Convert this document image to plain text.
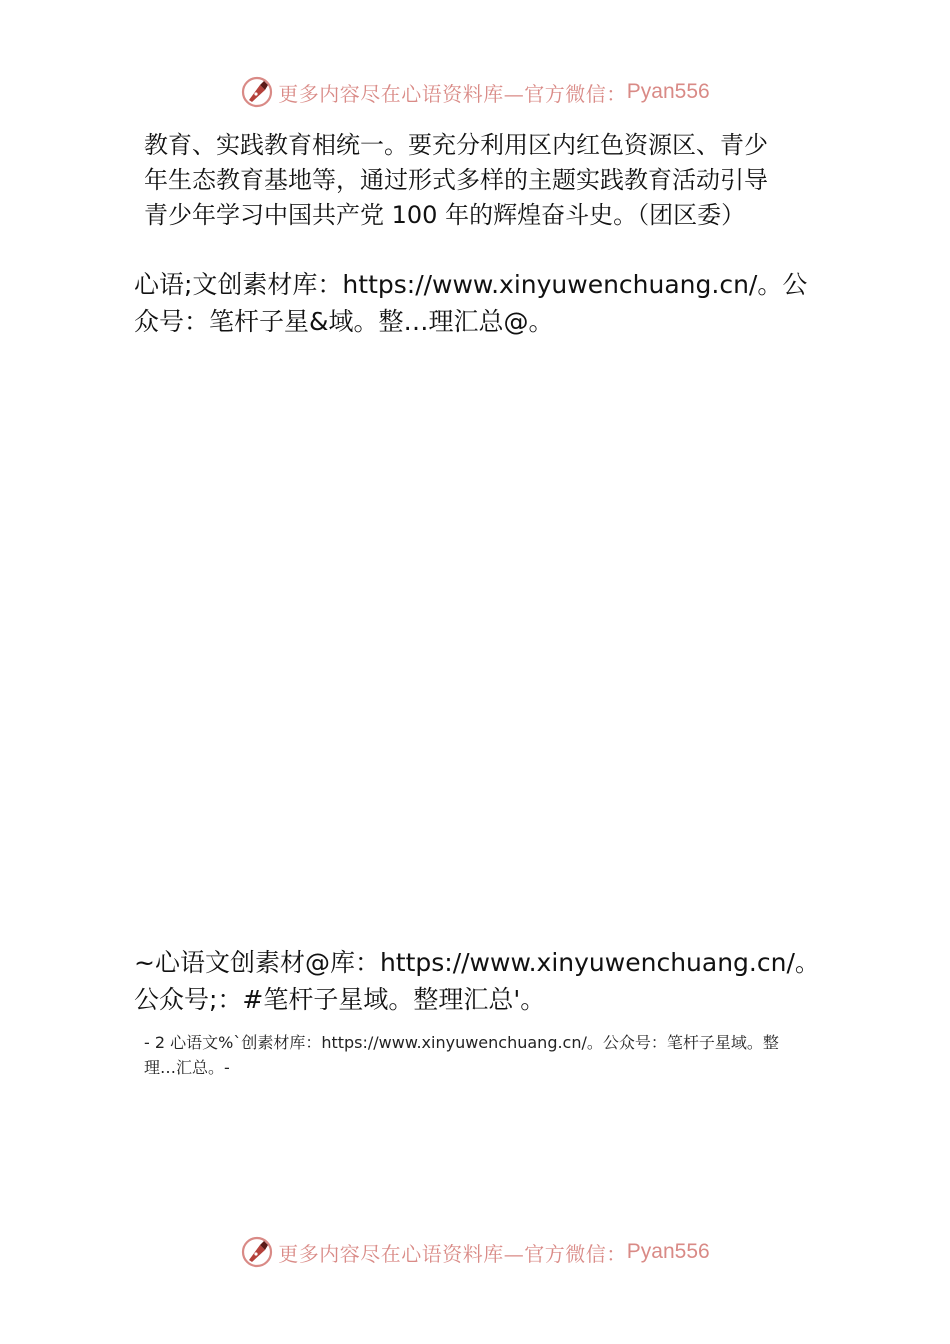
更多内容尽在心语资料库—官方微信： Pyan556
教育、实践教育相统一。要充分利用区内红色资源区、青少
年生态教育基地等，通过形式多样的主题实践教育活动引导
青少年学习中国共产党 100 年的辉煌奋斗史。（团区委）
心语;文创素材库：https://www.xinyuwenchuang.cn/。公
众号：笔杆子星&域。整…理汇总@。
~心语文创素材@库：https://www.xinyuwenchuang.cn/。
公众号;：#笔杆子星域。整理汇总'。
- 2 心语文%`创素材库：https://www.xinyuwenchuang.cn/。公众号：笔杆子星域。整
理…汇总。-
更多内容尽在心语资料库—官方微信： Pyan556
